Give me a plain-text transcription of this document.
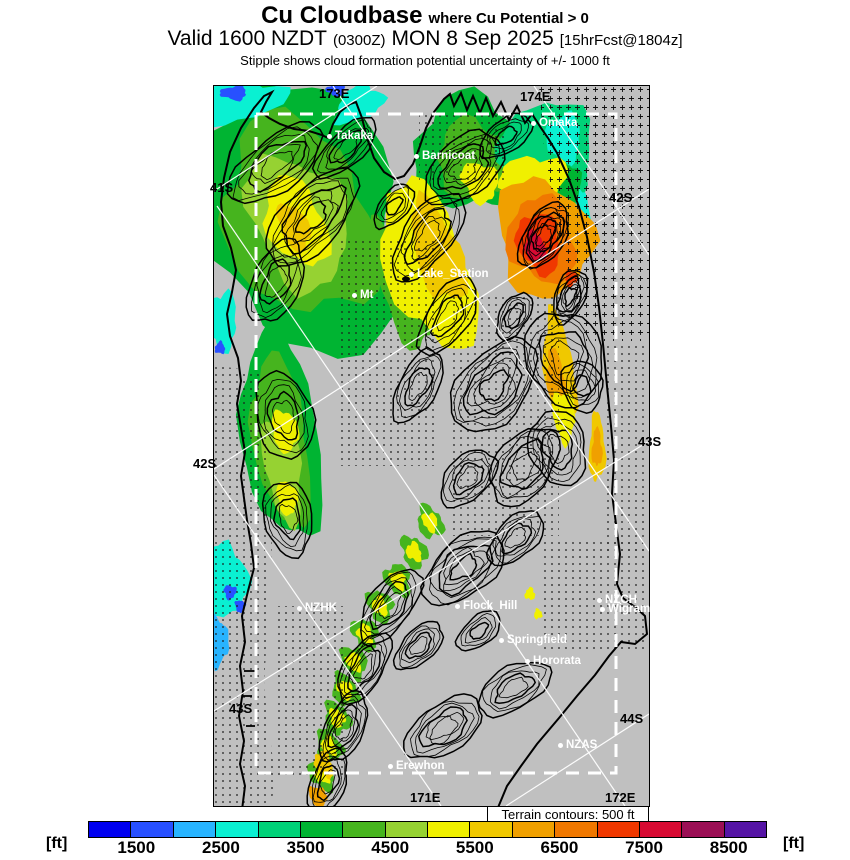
Cu Cloudbase where Cu Potential > 0
Valid 1600 NZDT (0300Z) MON 8 Sep 2025 [15hrFcst@1804z]
Stipple shows cloud formation potential uncertainty of +/- 1000 ft
Takaka
Barnicoat
Omaka
Lake_Station
Mt
NZHK	Flock_Hill	NZCH
Wigram
Springfield
Hororata
Erewhon
NZAS
173E	174E
41S
42S
42S
43S
43S
44S
171E	172E
Terrain contours: 500 ft
1500	2500	3500	4500	5500	6500	7500	8500
[ft]	[ft]
